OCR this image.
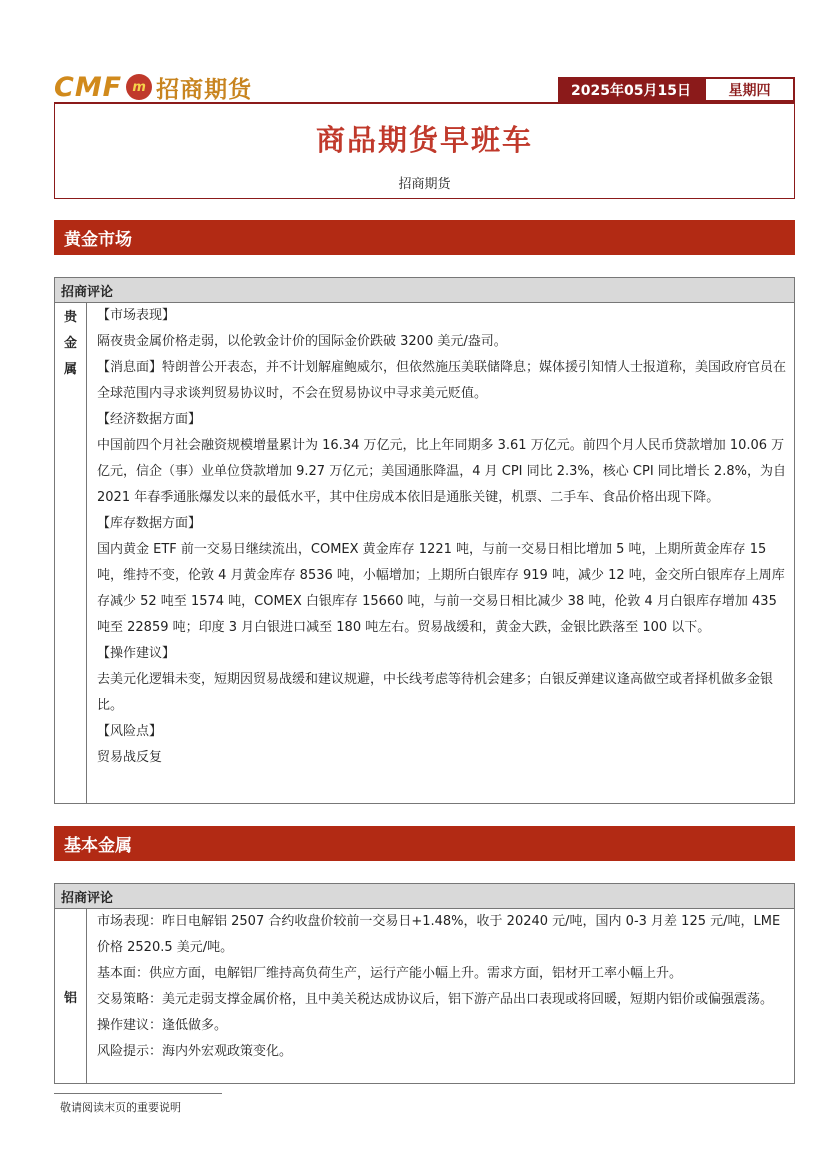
CMF m 招商期货	2025年05月15日	星期四
商品期货早班车
招商期货
黄金市场
招商评论
贵
金
属

【市场表现】

隔夜贵金属价格走弱，以伦敦金计价的国际金价跌破 3200 美元/盎司。

【消息面】特朗普公开表态，并不计划解雇鲍威尔，但依然施压美联储降息；媒体援引知情人士报道称，美国政府官员在全球范围内寻求谈判贸易协议时，不会在贸易协议中寻求美元贬值。

【经济数据方面】

中国前四个月社会融资规模增量累计为 16.34 万亿元，比上年同期多 3.61 万亿元。前四个月人民币贷款增加 10.06 万亿元，信企（事）业单位贷款增加 9.27 万亿元；美国通胀降温，4 月 CPI 同比 2.3%，核心 CPI 同比增长 2.8%，为自 2021 年春季通胀爆发以来的最低水平，其中住房成本依旧是通胀关键，机票、二手车、食品价格出现下降。

【库存数据方面】

国内黄金 ETF 前一交易日继续流出，COMEX 黄金库存 1221 吨，与前一交易日相比增加 5 吨，上期所黄金库存 15 吨，维持不变，伦敦 4 月黄金库存 8536 吨，小幅增加；上期所白银库存 919 吨，减少 12 吨，金交所白银库存上周库存减少 52 吨至 1574 吨，COMEX 白银库存 15660 吨，与前一交易日相比减少 38 吨，伦敦 4 月白银库存增加 435 吨至 22859 吨；印度 3 月白银进口减至 180 吨左右。贸易战缓和，黄金大跌，金银比跌落至 100 以下。

【操作建议】

去美元化逻辑未变，短期因贸易战缓和建议规避，中长线考虑等待机会建多；白银反弹建议逢高做空或者择机做多金银比。

【风险点】

贸易战反复

基本金属
招商评论
铝

市场表现：昨日电解铝 2507 合约收盘价较前一交易日+1.48%，收于 20240 元/吨，国内 0-3 月差 125 元/吨，LME 价格 2520.5 美元/吨。

基本面：供应方面，电解铝厂维持高负荷生产，运行产能小幅上升。需求方面，铝材开工率小幅上升。

交易策略：美元走弱支撑金属价格，且中美关税达成协议后，铝下游产品出口表现或将回暖，短期内铝价或偏强震荡。

操作建议：逢低做多。

风险提示：海内外宏观政策变化。

敬请阅读末页的重要说明
